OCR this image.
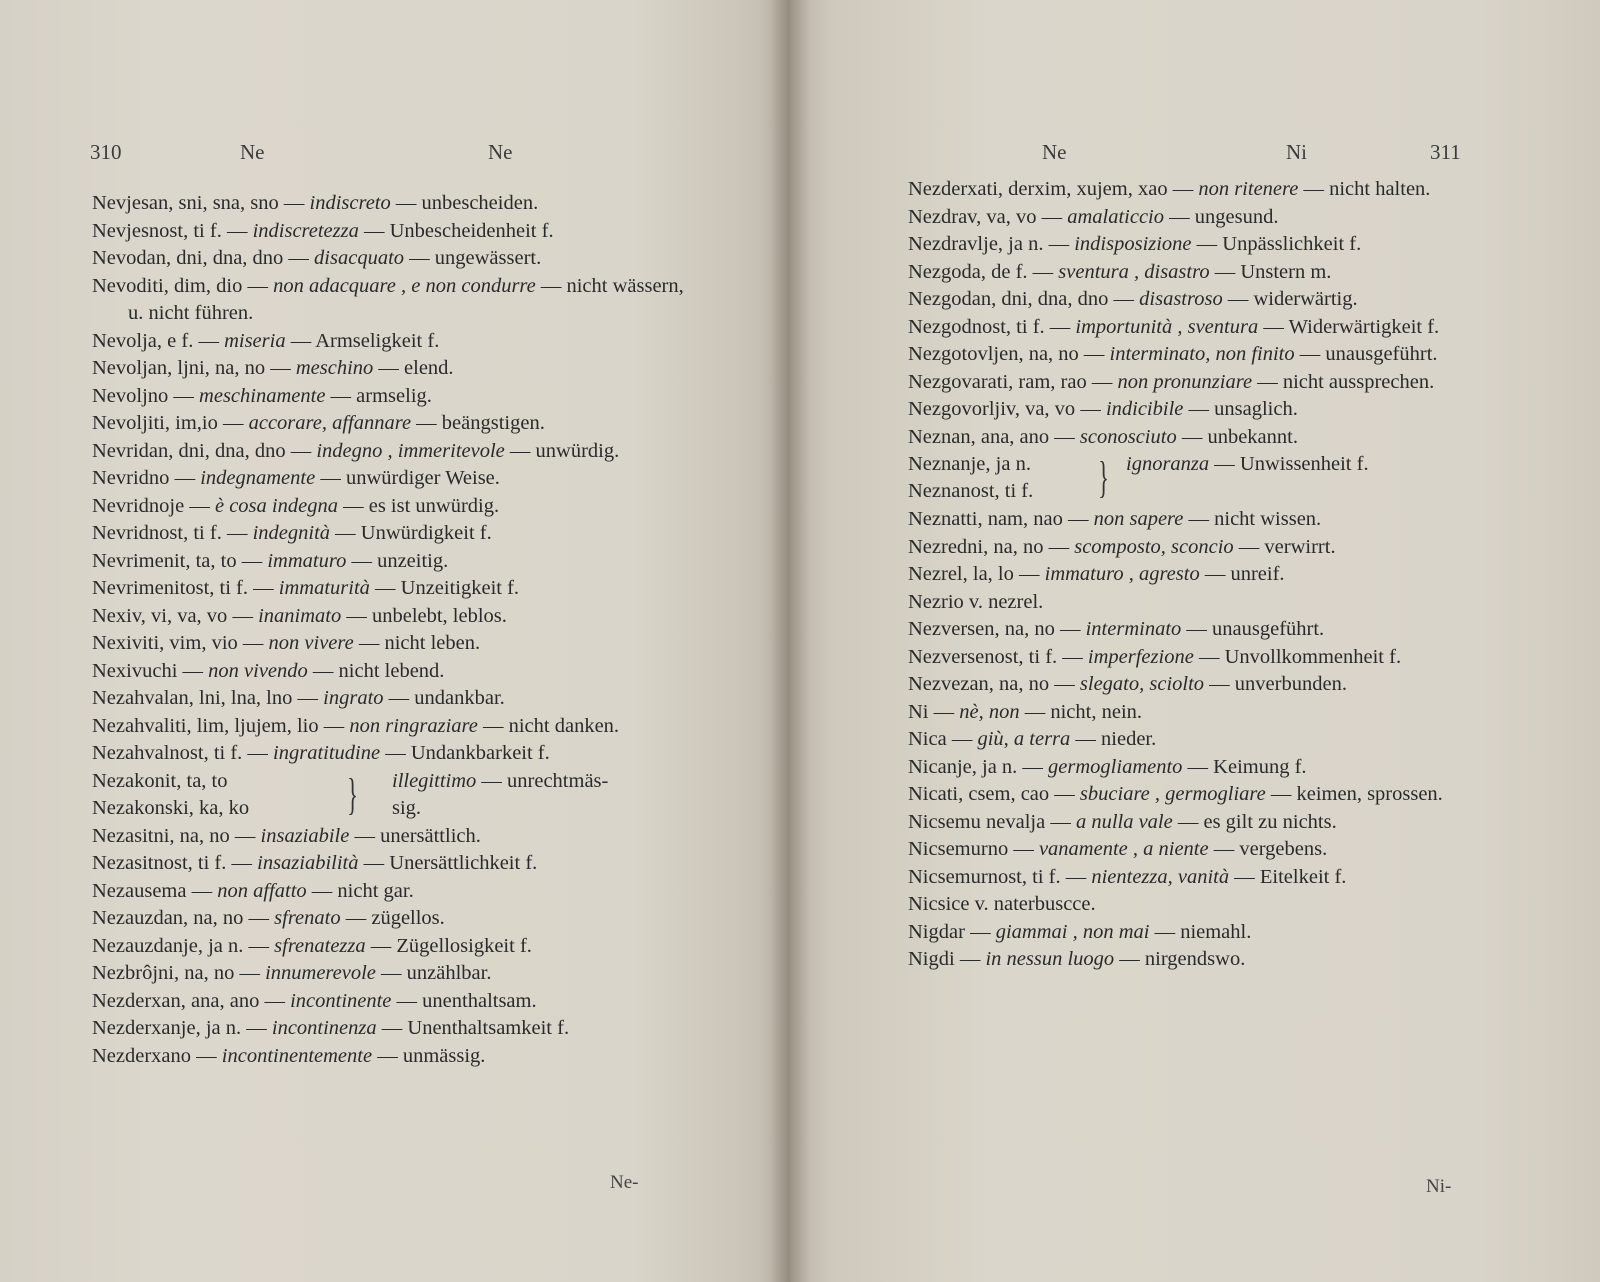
310	Ne	Ne
Nevjesan, sni, sna, sno — indiscreto — unbescheiden.
Nevjesnost, ti f. — indiscretezza — Unbescheidenheit f.
Nevodan, dni, dna, dno — disacquato — ungewässert.
Nevoditi, dim, dio — non adacquare , e non condurre — nicht wässern, u. nicht führen.
Nevolja, e f. — miseria — Armseligkeit f.
Nevoljan, ljni, na, no — meschino — elend.
Nevoljno — meschinamente — armselig.
Nevoljiti, im,io — accorare, affannare — beängstigen.
Nevridan, dni, dna, dno — indegno , immeritevole — unwürdig.
Nevridno — indegnamente — unwürdiger Weise.
Nevridnoje — è cosa indegna — es ist unwürdig.
Nevridnost, ti f. — indegnità — Unwürdigkeit f.
Nevrimenit, ta, to — immaturo — unzeitig.
Nevrimenitost, ti f. — immaturità — Unzeitigkeit f.
Nexiv, vi, va, vo — inanimato — unbelebt, leblos.
Nexiviti, vim, vio — non vivere — nicht leben.
Nexivuchi — non vivendo — nicht lebend.
Nezahvalan, lni, lna, lno — ingrato — undankbar.
Nezahvaliti, lim, ljujem, lio — non ringraziare — nicht danken.
Nezahvalnost, ti f. — ingratitudine — Undankbarkeit f.
Nezakonit, ta, to
Nezakonski, ka, ko } illegittimo — unrechtmäs-
sig.
Nezasitni, na, no — insaziabile — unersättlich.
Nezasitnost, ti f. — insaziabilità — Unersättlichkeit f.
Nezausema — non affatto — nicht gar.
Nezauzdan, na, no — sfrenato — zügellos.
Nezauzdanje, ja n. — sfrenatezza — Zügellosigkeit f.
Nezbrôjni, na, no — innumerevole — unzählbar.
Nezderxan, ana, ano — incontinente — unenthaltsam.
Nezderxanje, ja n. — incontinenza — Unenthaltsamkeit f.
Nezderxano — incontinentemente — unmässig.
Ne-
Ne	Ni	311
Nezderxati, derxim, xujem, xao — non ritenere — nicht halten.
Nezdrav, va, vo — amalaticcio — ungesund.
Nezdravlje, ja n. — indisposizione — Unpässlichkeit f.
Nezgoda, de f. — sventura , disastro — Unstern m.
Nezgodan, dni, dna, dno — disastroso — widerwärtig.
Nezgodnost, ti f. — importunità , sventura — Widerwärtigkeit f.
Nezgotovljen, na, no — interminato, non finito — unausgeführt.
Nezgovarati, ram, rao — non pronunziare — nicht aussprechen.
Nezgovorljiv, va, vo — indicibile — unsaglich.
Neznan, ana, ano — sconosciuto — unbekannt.
Neznanje, ja n.
Neznanost, ti f. } ignoranza — Unwissenheit f.
Neznatti, nam, nao — non sapere — nicht wissen.
Nezredni, na, no — scomposto, sconcio — verwirrt.
Nezrel, la, lo — immaturo , agresto — unreif.
Nezrio v. nezrel.
Nezversen, na, no — interminato — unausgeführt.
Nezversenost, ti f. — imperfezione — Unvollkommenheit f.
Nezvezan, na, no — slegato, sciolto — unverbunden.
Ni — nè, non — nicht, nein.
Nica — giù, a terra — nieder.
Nicanje, ja n. — germogliamento — Keimung f.
Nicati, csem, cao — sbuciare , germogliare — keimen, sprossen.
Nicsemu nevalja — a nulla vale — es gilt zu nichts.
Nicsemurno — vanamente , a niente — vergebens.
Nicsemurnost, ti f. — nientezza, vanità — Eitelkeit f.
Nicsice v. naterbuscce.
Nigdar — giammai , non mai — niemahl.
Nigdi — in nessun luogo — nirgendswo.
Ni-
